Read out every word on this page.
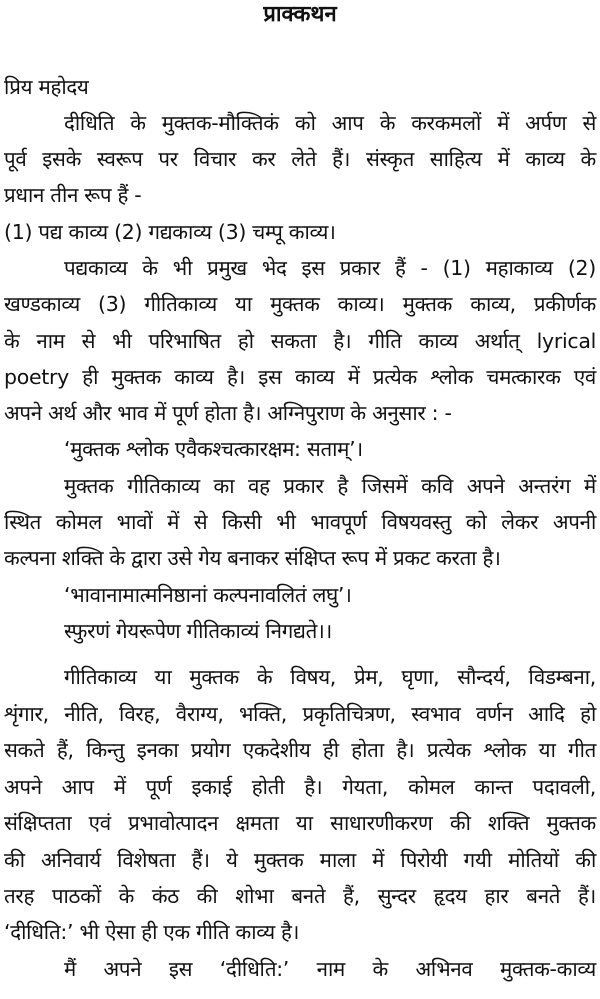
प्राक्कथन
प्रिय महोदय
दीधिति के मुक्तक-मौक्तिकं को आप के करकमलों में अर्पण से
पूर्व इसके स्वरूप पर विचार कर लेते हैं। संस्कृत साहित्य में काव्य के
प्रधान तीन रूप हैं -
(1) पद्य काव्य (2) गद्यकाव्य (3) चम्पू काव्य।
पद्यकाव्य के भी प्रमुख भेद इस प्रकार हैं - (1) महाकाव्य (2)
खण्डकाव्य (3) गीतिकाव्य या मुक्तक काव्य। मुक्तक काव्य, प्रकीर्णक
के नाम से भी परिभाषित हो सकता है। गीति काव्य अर्थात् lyrical
poetry ही मुक्तक काव्य है। इस काव्य में प्रत्येक श्लोक चमत्कारक एवं
अपने अर्थ और भाव में पूर्ण होता है। अग्निपुराण के अनुसार : -
‘मुक्तक श्लोक एवैकश्चत्कारक्षम: सताम्’।
मुक्तक गीतिकाव्य का वह प्रकार है जिसमें कवि अपने अन्तरंग में
स्थित कोमल भावों में से किसी भी भावपूर्ण विषयवस्तु को लेकर अपनी
कल्पना शक्ति के द्वारा उसे गेय बनाकर संक्षिप्त रूप में प्रकट करता है।
‘भावानामात्मनिष्ठानां कल्पनावलितं लघु’।
स्फुरणं गेयरूपेण गीतिकाव्यं निगद्यते।।
गीतिकाव्य या मुक्तक के विषय, प्रेम, घृणा, सौन्दर्य, विडम्बना,
शृंगार, नीति, विरह, वैराग्य, भक्ति, प्रकृतिचित्रण, स्वभाव वर्णन आदि हो
सकते हैं, किन्तु इनका प्रयोग एकदेशीय ही होता है। प्रत्येक श्लोक या गीत
अपने आप में पूर्ण इकाई होती है। गेयता, कोमल कान्त पदावली,
संक्षिप्तता एवं प्रभावोत्पादन क्षमता या साधारणीकरण की शक्ति मुक्तक
की अनिवार्य विशेषता हैं। ये मुक्तक माला में पिरोयी गयी मोतियों की
तरह पाठकों के कंठ की शोभा बनते हैं, सुन्दर हृदय हार बनते हैं।
‘दीधिति:’ भी ऐसा ही एक गीति काव्य है।
मैं अपने इस ‘दीधिति:’ नाम के अभिनव मुक्तक-काव्य
